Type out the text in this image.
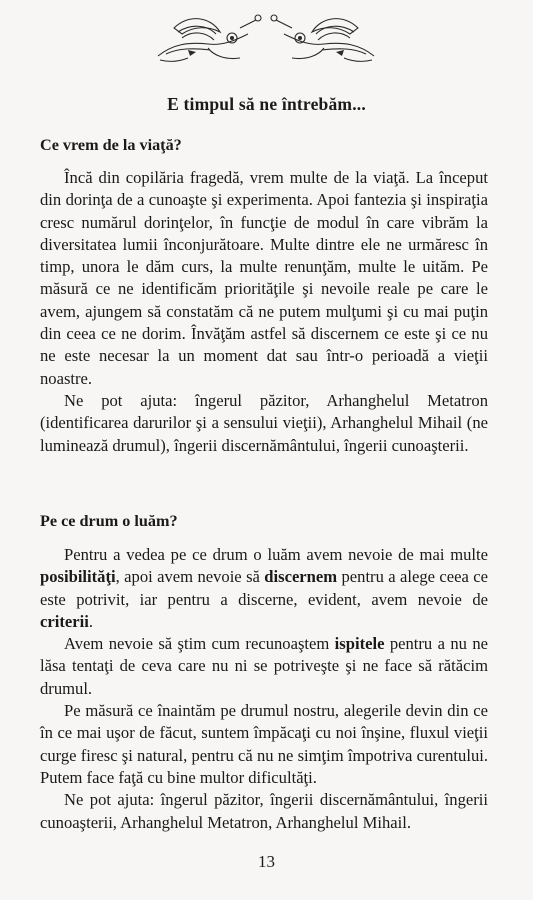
E timpul să ne întrebăm...
Ce vrem de la viaţă?

Încă din copilăria fragedă, vrem multe de la viaţă. La început din dorinţa de a cunoaşte şi experimenta. Apoi fantezia şi inspiraţia cresc numărul dorinţelor, în funcţie de modul în care vibrăm la diversitatea lumii înconjurătoare. Multe dintre ele ne urmăresc în timp, unora le dăm curs, la multe renunţăm, multe le uităm. Pe măsură ce ne identificăm priorităţile şi nevoile reale pe care le avem, ajungem să constatăm că ne putem mulţumi şi cu mai puţin din ceea ce ne dorim. Învăţăm astfel să discernem ce este şi ce nu ne este necesar la un moment dat sau într-o perioadă a vieţii noastre.

Ne pot ajuta: îngerul păzitor, Arhanghelul Metatron (identificarea darurilor şi a sensului vieţii), Arhanghelul Mihail (ne luminează drumul), îngerii discernământului, îngerii cunoaşterii.

Pe ce drum o luăm?

Pentru a vedea pe ce drum o luăm avem nevoie de mai multe posibilităţi, apoi avem nevoie să discernem pentru a alege ceea ce este potrivit, iar pentru a discerne, evident, avem nevoie de criterii.

Avem nevoie să ştim cum recunoaştem ispitele pentru a nu ne lăsa tentaţi de ceva care nu ni se potriveşte şi ne face să rătăcim drumul.

Pe măsură ce înaintăm pe drumul nostru, alegerile devin din ce în ce mai uşor de făcut, suntem împăcaţi cu noi înşine, fluxul vieţii curge firesc şi natural, pentru că nu ne simţim împotriva curentului. Putem face faţă cu bine multor dificultăţi.

Ne pot ajuta: îngerul păzitor, îngerii discernământului, îngerii cunoaşterii, Arhanghelul Metatron, Arhanghelul Mihail.

13
